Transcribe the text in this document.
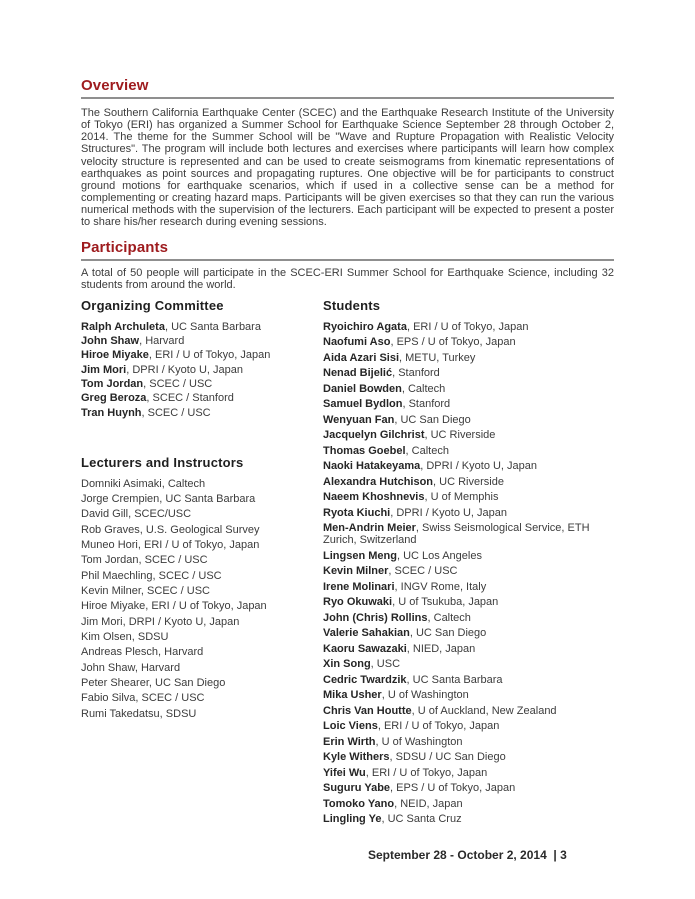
Overview

The Southern California Earthquake Center (SCEC) and the Earthquake Research Institute of the University of Tokyo (ERI) has organized a Summer School for Earthquake Science September 28 through October 2, 2014. The theme for the Summer School will be "Wave and Rupture Propagation with Realistic Velocity Structures". The program will include both lectures and exercises where participants will learn how complex velocity structure is represented and can be used to create seismograms from kinematic representations of earthquakes as point sources and propagating ruptures. One objective will be for participants to construct ground motions for earthquake scenarios, which if used in a collective sense can be a method for complementing or creating hazard maps. Participants will be given exercises so that they can run the various numerical methods with the supervision of the lecturers. Each participant will be expected to present a poster to share his/her research during evening sessions.

Participants

A total of 50 people will participate in the SCEC-ERI Summer School for Earthquake Science, including 32 students from around the world.

Organizing Committee
Ralph Archuleta , UC Santa Barbara
John Shaw , Harvard
Hiroe Miyake , ERI / U of Tokyo, Japan
Jim Mori , DPRI / Kyoto U, Japan
Tom Jordan , SCEC / USC
Greg Beroza , SCEC / Stanford
Tran Huynh , SCEC / USC
Lecturers and Instructors
Domniki Asimaki , Caltech
Jorge Crempien , UC Santa Barbara
David Gill , SCEC/USC
Rob Graves , U.S. Geological Survey
Muneo Hori , ERI / U of Tokyo, Japan
Tom Jordan , SCEC / USC
Phil Maechling , SCEC / USC
Kevin Milner , SCEC / USC
Hiroe Miyake , ERI / U of Tokyo, Japan
Jim Mori , DRPI / Kyoto U, Japan
Kim Olsen , SDSU
Andreas Plesch , Harvard
John Shaw , Harvard
Peter Shearer , UC San Diego
Fabio Silva , SCEC / USC
Rumi Takedatsu , SDSU
Students
Ryoichiro Agata , ERI / U of Tokyo, Japan
Naofumi Aso , EPS / U of Tokyo, Japan
Aida Azari Sisi , METU, Turkey
Nenad Bijelić , Stanford
Daniel Bowden , Caltech
Samuel Bydlon , Stanford
Wenyuan Fan , UC San Diego
Jacquelyn Gilchrist , UC Riverside
Thomas Goebel , Caltech
Naoki Hatakeyama , DPRI / Kyoto U, Japan
Alexandra Hutchison , UC Riverside
Naeem Khoshnevis , U of Memphis
Ryota Kiuchi , DPRI / Kyoto U, Japan
Men-Andrin Meier , Swiss Seismological Service, ETH Zurich, Switzerland
Lingsen Meng , UC Los Angeles
Kevin Milner , SCEC / USC
Irene Molinari , INGV Rome, Italy
Ryo Okuwaki , U of Tsukuba, Japan
John (Chris) Rollins , Caltech
Valerie Sahakian , UC San Diego
Kaoru Sawazaki , NIED, Japan
Xin Song , USC
Cedric Twardzik , UC Santa Barbara
Mika Usher , U of Washington
Chris Van Houtte , U of Auckland, New Zealand
Loic Viens , ERI / U of Tokyo, Japan
Erin Wirth , U of Washington
Kyle Withers , SDSU / UC San Diego
Yifei Wu , ERI / U of Tokyo, Japan
Suguru Yabe , EPS / U of Tokyo, Japan
Tomoko Yano , NEID, Japan
Lingling Ye , UC Santa Cruz
September 28 - October 2, 2014  | 3
